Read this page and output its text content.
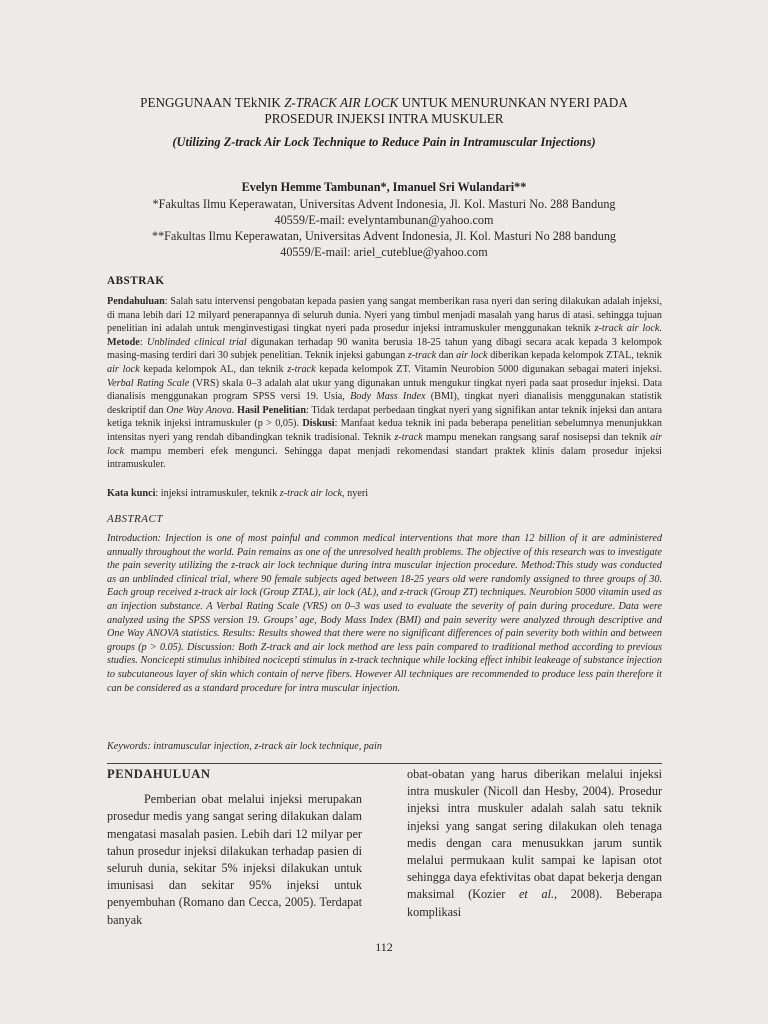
PENGGUNAAN TEkNIK Z-TRACK AIR LOCK UNTUK MENURUNKAN NYERI PADA
PROSEDUR INJEKSI INTRA MUSKULER
(Utilizing Z-track Air Lock Technique to Reduce Pain in Intramuscular Injections)
Evelyn Hemme Tambunan*, Imanuel Sri Wulandari**
*Fakultas Ilmu Keperawatan, Universitas Advent Indonesia, Jl. Kol. Masturi No. 288 Bandung
40559/E-mail: evelyntambunan@yahoo.com
**Fakultas Ilmu Keperawatan, Universitas Advent Indonesia, Jl. Kol. Masturi No 288 bandung
40559/E-mail: ariel_cuteblue@yahoo.com
ABSTRAK
Pendahuluan: Salah satu intervensi pengobatan kepada pasien yang sangat memberikan rasa nyeri dan sering dilakukan adalah injeksi, di mana lebih dari 12 milyard penerapannya di seluruh dunia. Nyeri yang timbul menjadi masalah yang harus di atasi. sehingga tujuan penelitian ini adalah untuk menginvestigasi tingkat nyeri pada prosedur injeksi intramuskuler menggunakan teknik z-track air lock. Metode: Unblinded clinical trial digunakan terhadap 90 wanita berusia 18-25 tahun yang dibagi secara acak kepada 3 kelompok masing-masing terdiri dari 30 subjek penelitian. Teknik injeksi gabungan z-track dan air lock diberikan kepada kelompok ZTAL, teknik air lock kepada kelompok AL, dan teknik z-track kepada kelompok ZT. Vitamin Neurobion 5000 digunakan sebagai materi injeksi. Verbal Rating Scale (VRS) skala 0–3 adalah alat ukur yang digunakan untuk mengukur tingkat nyeri pada saat prosedur injeksi. Data dianalisis menggunakan program SPSS versi 19. Usia, Body Mass Index (BMI), tingkat nyeri dianalisis menggunakan statistik deskriptif dan One Way Anova. Hasil Penelitian: Tidak terdapat perbedaan tingkat nyeri yang signifikan antar teknik injeksi dan antara ketiga teknik injeksi intramuskuler (p > 0,05). Diskusi: Manfaat kedua teknik ini pada beberapa penelitian sebelumnya menunjukkan intensitas nyeri yang rendah dibandingkan teknik tradisional. Teknik z-track mampu menekan rangsang saraf nosisepsi dan teknik air lock mampu memberi efek mengunci. Sehingga dapat menjadi rekomendasi standart praktek klinis dalam prosedur injeksi intramuskuler.
Kata kunci: injeksi intramuskuler, teknik z-track air lock, nyeri
ABSTRACT
Introduction: Injection is one of most painful and common medical interventions that more than 12 billion of it are administered annually throughout the world. Pain remains as one of the unresolved health problems. The objective of this research was to investigate the pain severity utilizing the z-track air lock technique during intra muscular injection procedure. Method:This study was conducted as an unblinded clinical trial, where 90 female subjects aged between 18-25 years old were randomly assigned to three groups of 30. Each group received z-track air lock (Group ZTAL), air lock (AL), and z-track (Group ZT) techniques. Neurobion 5000 vitamin used as an injection substance. A Verbal Rating Scale (VRS) on 0–3 was used to evaluate the severity of pain during procedure. Data were analyzed using the SPSS version 19. Groups’ age, Body Mass Index (BMI) and pain severity were analyzed through descriptive and One Way ANOVA statistics. Results: Results showed that there were no significant differences of pain severity both within and between groups (p > 0.05). Discussion: Both Z-track and air lock method are less pain compared to traditional method according to previous studies. Noncicepti stimulus inhibited nocicepti stimulus in z-track technique while locking effect inhibit leakeage of substance injection to subcutaneous layer of skin which contain of nerve fibers. However All techniques are recommended to produce less pain therefore it can be considered as a standard procedure for intra muscular injection.
Keywords: intramuscular injection, z-track air lock technique, pain
PENDAHULUAN
Pemberian obat melalui injeksi merupakan prosedur medis yang sangat sering dilakukan dalam mengatasi masalah pasien. Lebih dari 12 milyar per tahun prosedur injeksi dilakukan terhadap pasien di seluruh dunia, sekitar 5% injeksi dilakukan untuk imunisasi dan sekitar 95% injeksi untuk penyembuhan (Romano dan Cecca, 2005). Terdapat banyak
obat-obatan yang harus diberikan melalui injeksi intra muskuler (Nicoll dan Hesby, 2004). Prosedur injeksi intra muskuler adalah salah satu teknik injeksi yang sangat sering dilakukan oleh tenaga medis dengan cara menusukkan jarum suntik melalui permukaan kulit sampai ke lapisan otot sehingga daya efektivitas obat dapat bekerja dengan maksimal (Kozier et al., 2008). Beberapa komplikasi
112
